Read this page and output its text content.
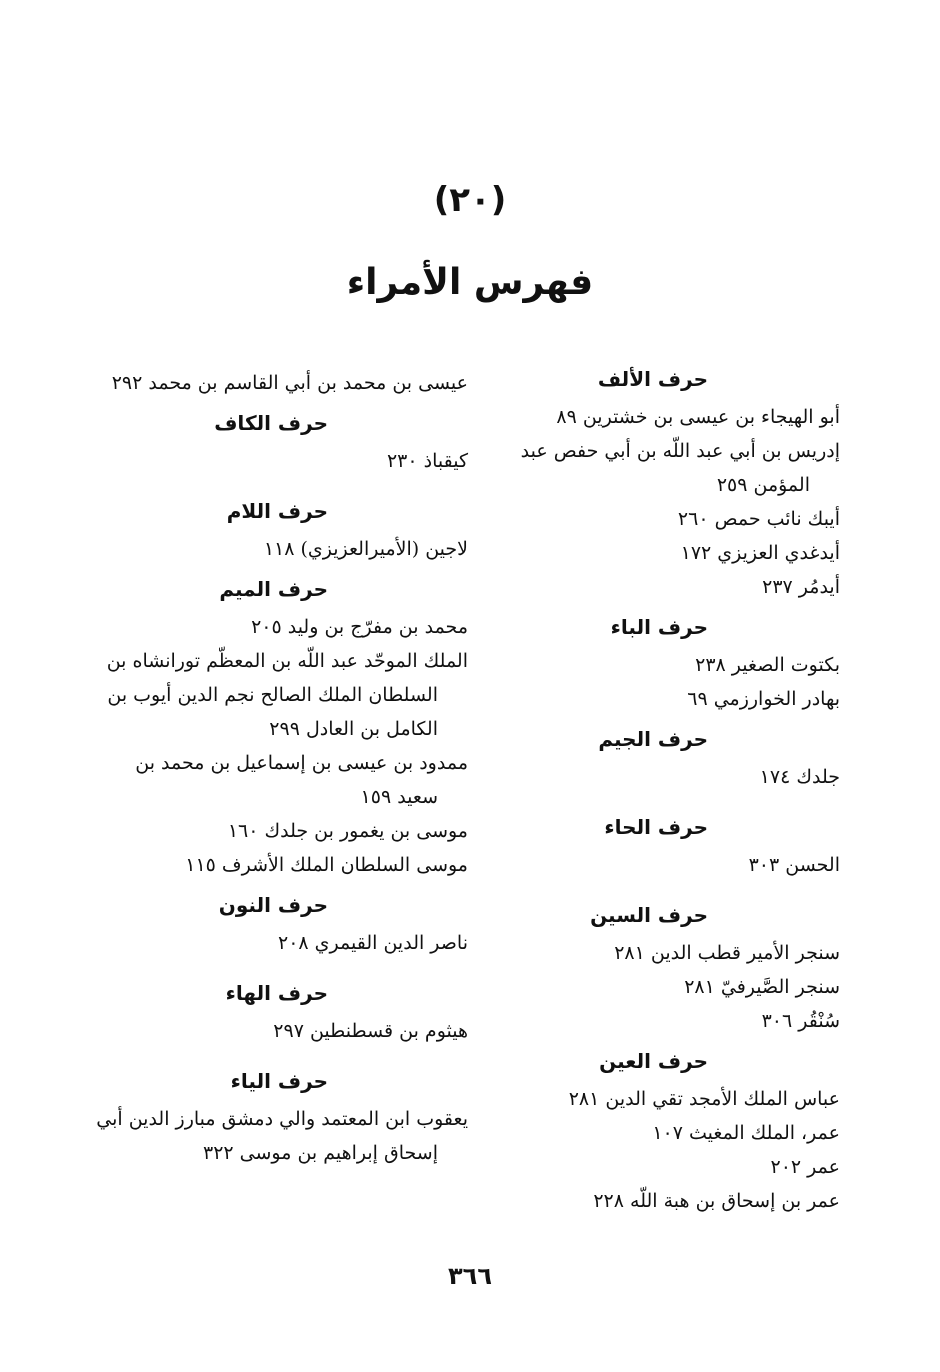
(٢٠)
فهرس الأمراء
حرف الألف
أبو الهيجاء بن عيسى بن خشترين ٨٩
إدريس بن أبي عبد اللّه بن أبي حفص عبد
المؤمن ٢٥٩
أيبك نائب حمص ٢٦٠
أيدغدي العزيزي ١٧٢
أيدمُر ٢٣٧
حرف الباء
بكتوت الصغير ٢٣٨
بهادر الخوارزمي ٦٩
حرف الجيم
جلدك ١٧٤
حرف الحاء
الحسن ٣٠٣
حرف السين
سنجر الأمير قطب الدين ٢٨١
سنجر الصَّيرفيّ ٢٨١
سُنْقُر ٣٠٦
حرف العين
عباس الملك الأمجد تقي الدين ٢٨١
عمر، الملك المغيث ١٠٧
عمر ٢٠٢
عمر بن إسحاق بن هبة اللّه ٢٢٨
عيسى بن محمد بن أبي القاسم بن محمد ٢٩٢
حرف الكاف
كيقباذ ٢٣٠
حرف اللام
لاجين (الأميرالعزيزي) ١١٨
حرف الميم
محمد بن مفرّج بن وليد ٢٠٥
الملك الموحّد عبد اللّه بن المعظّم تورانشاه بن
السلطان الملك الصالح نجم الدين أيوب بن
الكامل بن العادل ٢٩٩
ممدود بن عيسى بن إسماعيل بن محمد بن
سعيد ١٥٩
موسى بن يغمور بن جلدك ١٦٠
موسى السلطان الملك الأشرف ١١٥
حرف النون
ناصر الدين القيمري ٢٠٨
حرف الهاء
هيثوم بن قسطنطين ٢٩٧
حرف الياء
يعقوب ابن المعتمد والي دمشق مبارز الدين أبي
إسحاق إبراهيم بن موسى ٣٢٢
٣٦٦
